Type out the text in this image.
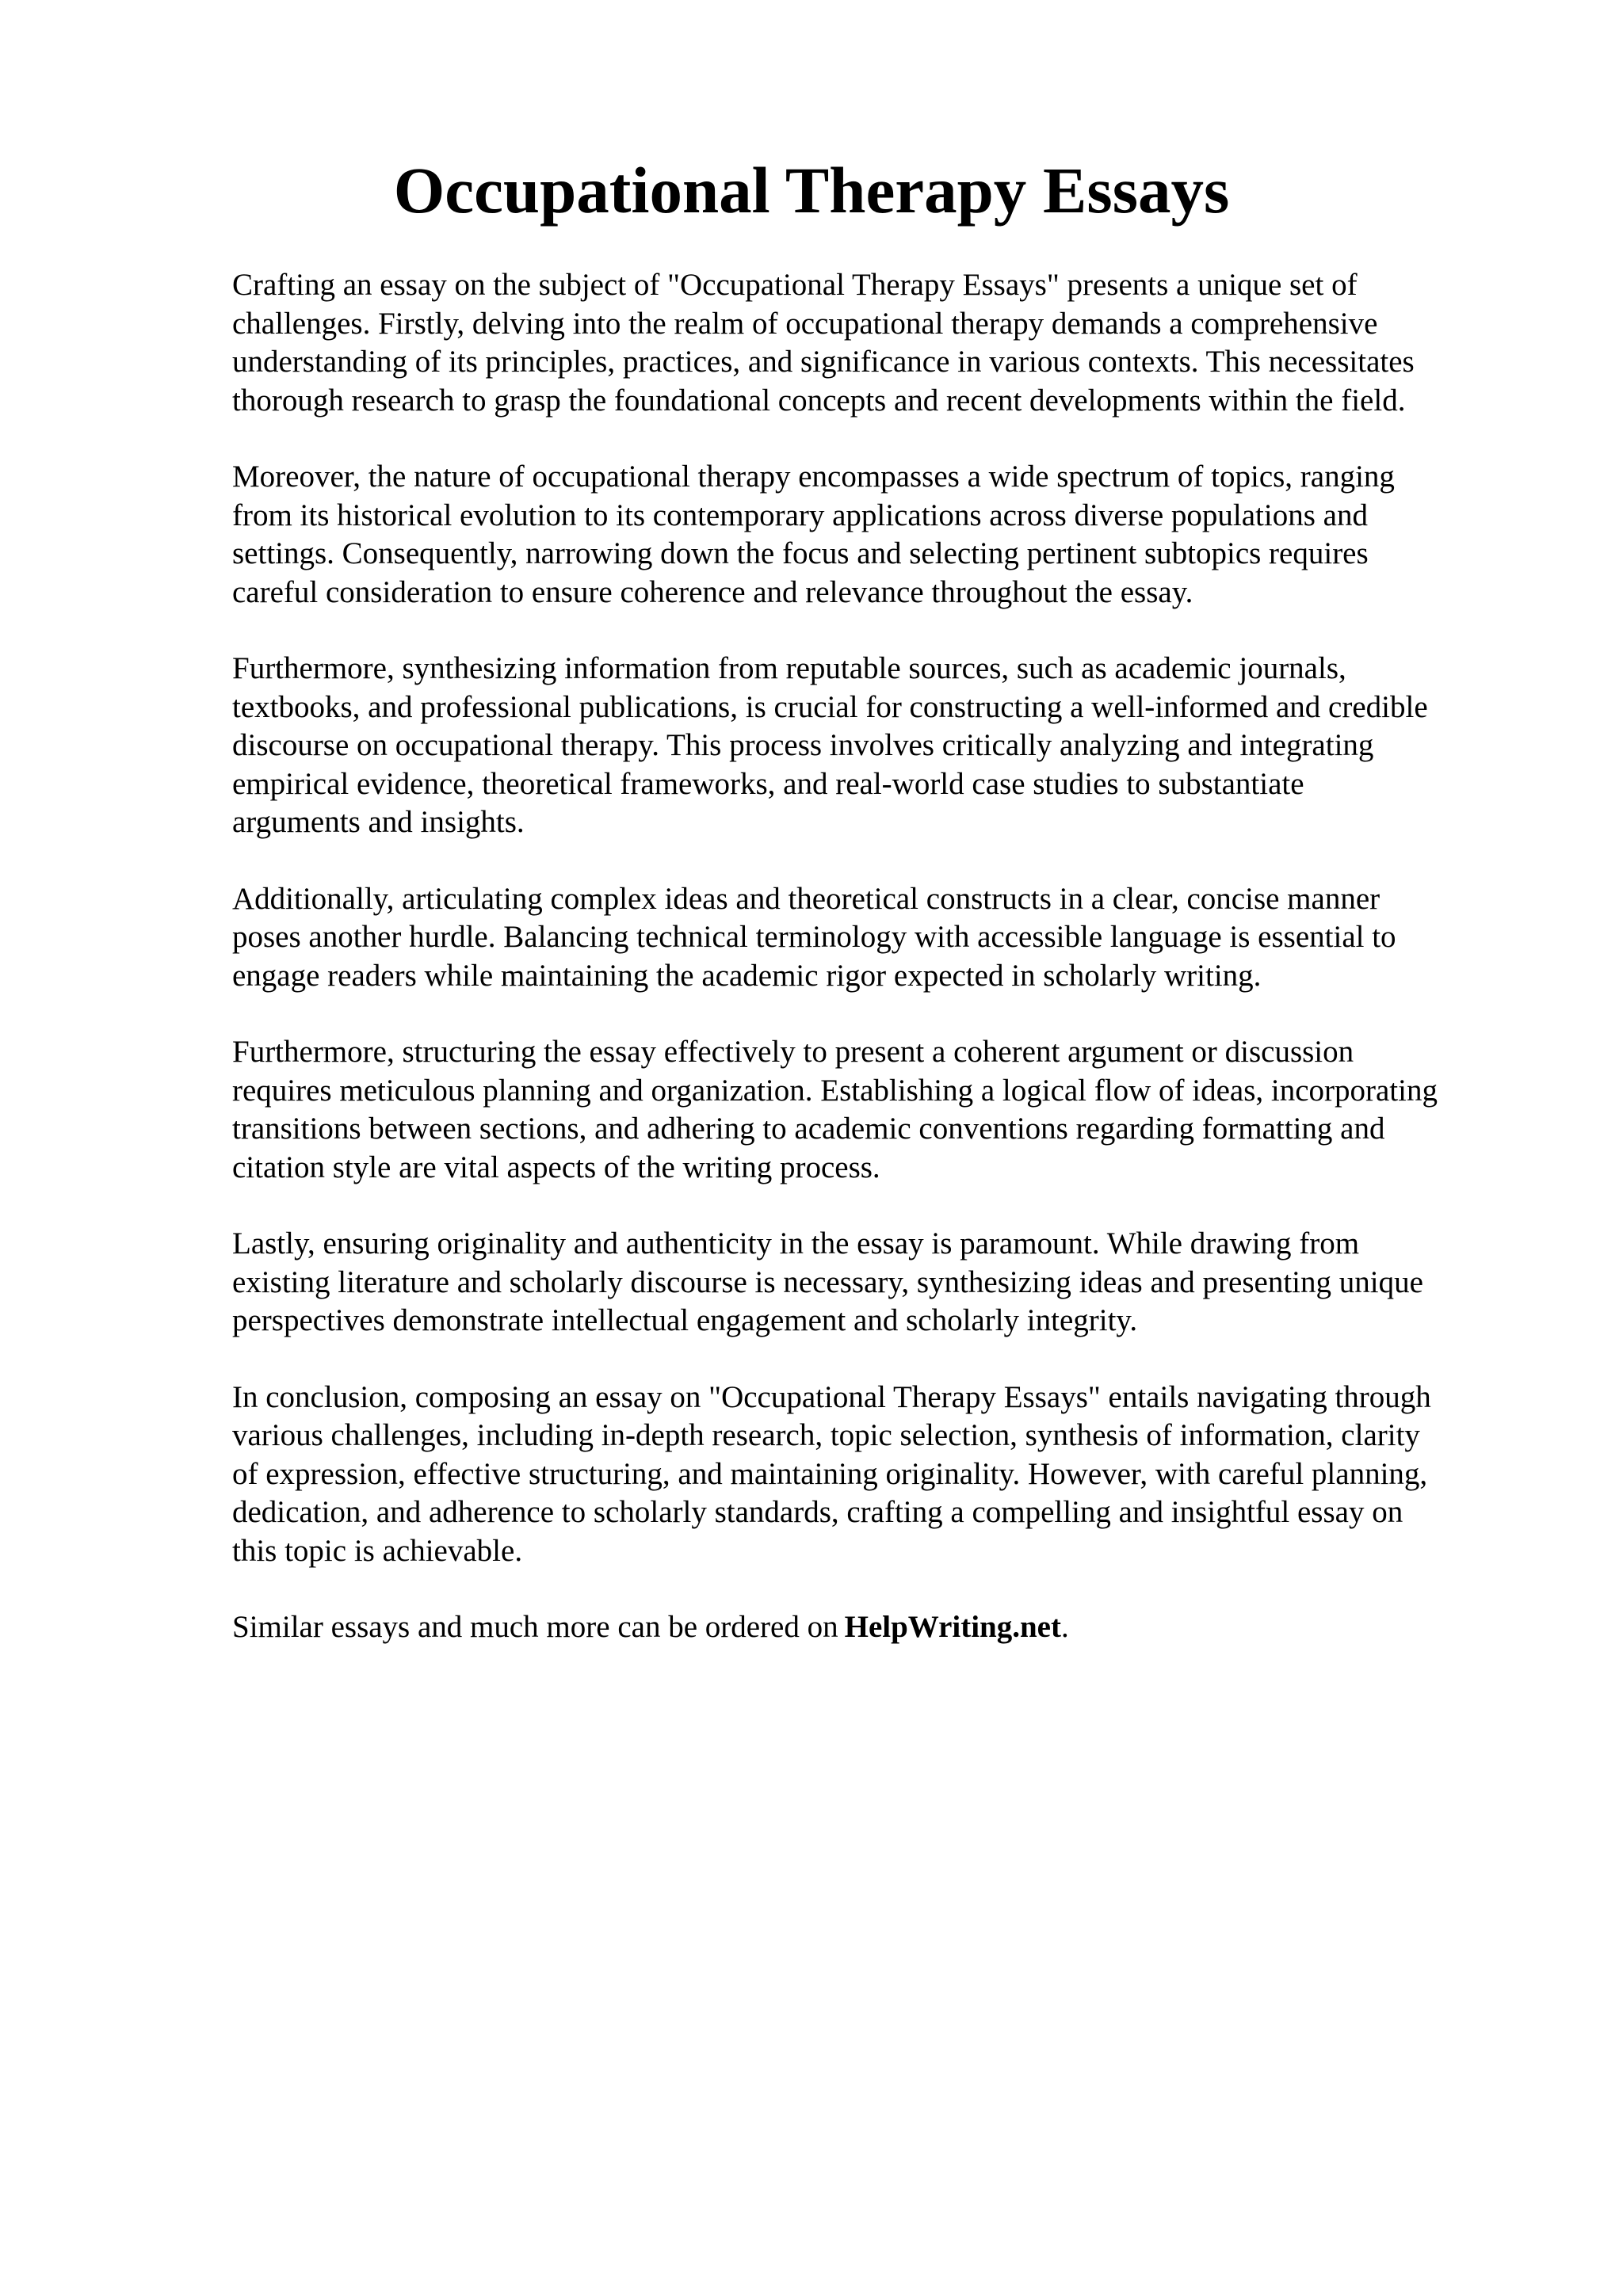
Occupational Therapy Essays

Crafting an essay on the subject of "Occupational Therapy Essays" presents a unique set of
challenges. Firstly, delving into the realm of occupational therapy demands a comprehensive
understanding of its principles, practices, and significance in various contexts. This necessitates
thorough research to grasp the foundational concepts and recent developments within the field.

Moreover, the nature of occupational therapy encompasses a wide spectrum of topics, ranging
from its historical evolution to its contemporary applications across diverse populations and
settings. Consequently, narrowing down the focus and selecting pertinent subtopics requires
careful consideration to ensure coherence and relevance throughout the essay.

Furthermore, synthesizing information from reputable sources, such as academic journals,
textbooks, and professional publications, is crucial for constructing a well-informed and credible
discourse on occupational therapy. This process involves critically analyzing and integrating
empirical evidence, theoretical frameworks, and real-world case studies to substantiate
arguments and insights.

Additionally, articulating complex ideas and theoretical constructs in a clear, concise manner
poses another hurdle. Balancing technical terminology with accessible language is essential to
engage readers while maintaining the academic rigor expected in scholarly writing.

Furthermore, structuring the essay effectively to present a coherent argument or discussion
requires meticulous planning and organization. Establishing a logical flow of ideas, incorporating
transitions between sections, and adhering to academic conventions regarding formatting and
citation style are vital aspects of the writing process.

Lastly, ensuring originality and authenticity in the essay is paramount. While drawing from
existing literature and scholarly discourse is necessary, synthesizing ideas and presenting unique
perspectives demonstrate intellectual engagement and scholarly integrity.

In conclusion, composing an essay on "Occupational Therapy Essays" entails navigating through
various challenges, including in-depth research, topic selection, synthesis of information, clarity
of expression, effective structuring, and maintaining originality. However, with careful planning,
dedication, and adherence to scholarly standards, crafting a compelling and insightful essay on
this topic is achievable.

Similar essays and much more can be ordered on HelpWriting.net.
